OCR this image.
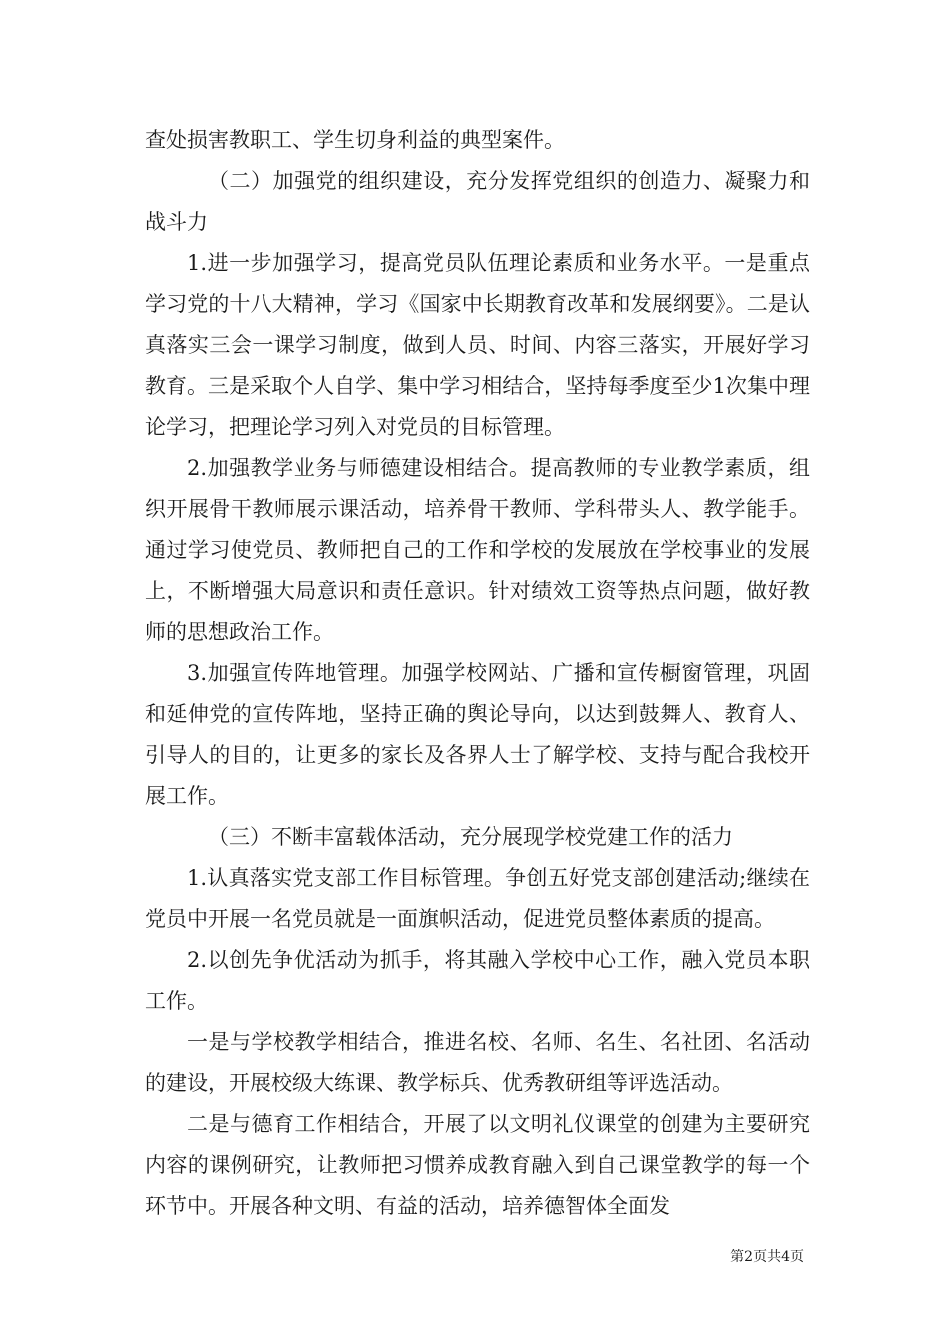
查处损害教职工、学生切身利益的典型案件。

（二）加强党的组织建设，充分发挥党组织的创造力、凝聚力和战斗力

1.进一步加强学习，提高党员队伍理论素质和业务水平。一是重点学习党的十八大精神，学习《国家中长期教育改革和发展纲要》。二是认真落实三会一课学习制度，做到人员、时间、内容三落实，开展好学习教育。三是采取个人自学、集中学习相结合，坚持每季度至少1次集中理论学习，把理论学习列入对党员的目标管理。

2.加强教学业务与师德建设相结合。提高教师的专业教学素质，组织开展骨干教师展示课活动，培养骨干教师、学科带头人、教学能手。通过学习使党员、教师把自己的工作和学校的发展放在学校事业的发展上，不断增强大局意识和责任意识。针对绩效工资等热点问题，做好教师的思想政治工作。

3.加强宣传阵地管理。加强学校网站、广播和宣传橱窗管理，巩固和延伸党的宣传阵地，坚持正确的舆论导向，以达到鼓舞人、教育人、引导人的目的，让更多的家长及各界人士了解学校、支持与配合我校开展工作。

（三）不断丰富载体活动，充分展现学校党建工作的活力

1.认真落实党支部工作目标管理。争创五好党支部创建活动;继续在党员中开展一名党员就是一面旗帜活动，促进党员整体素质的提高。

2.以创先争优活动为抓手，将其融入学校中心工作，融入党员本职工作。

一是与学校教学相结合，推进名校、名师、名生、名社团、名活动的建设，开展校级大练课、教学标兵、优秀教研组等评选活动。

二是与德育工作相结合，开展了以文明礼仪课堂的创建为主要研究内容的课例研究，让教师把习惯养成教育融入到自己课堂教学的每一个环节中。开展各种文明、有益的活动，培养德智体全面发

第2页共4页
